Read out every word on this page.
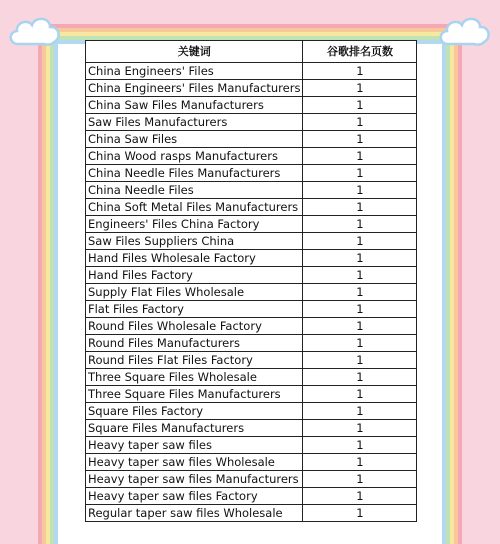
关键词	谷歌排名页数
China Engineers' Files	1
China Engineers' Files Manufacturers	1
China Saw Files Manufacturers	1
Saw Files Manufacturers	1
China Saw Files	1
China Wood rasps Manufacturers	1
China Needle Files Manufacturers	1
China Needle Files	1
China Soft Metal Files Manufacturers	1
Engineers' Files China Factory	1
Saw Files Suppliers China	1
Hand Files Wholesale Factory	1
Hand Files Factory	1
Supply Flat Files Wholesale	1
Flat Files Factory	1
Round Files Wholesale Factory	1
Round Files Manufacturers	1
Round Files Flat Files Factory	1
Three Square Files Wholesale	1
Three Square Files Manufacturers	1
Square Files Factory	1
Square Files Manufacturers	1
Heavy taper saw files	1
Heavy taper saw files Wholesale	1
Heavy taper saw files Manufacturers	1
Heavy taper saw files Factory	1
Regular taper saw files Wholesale	1
